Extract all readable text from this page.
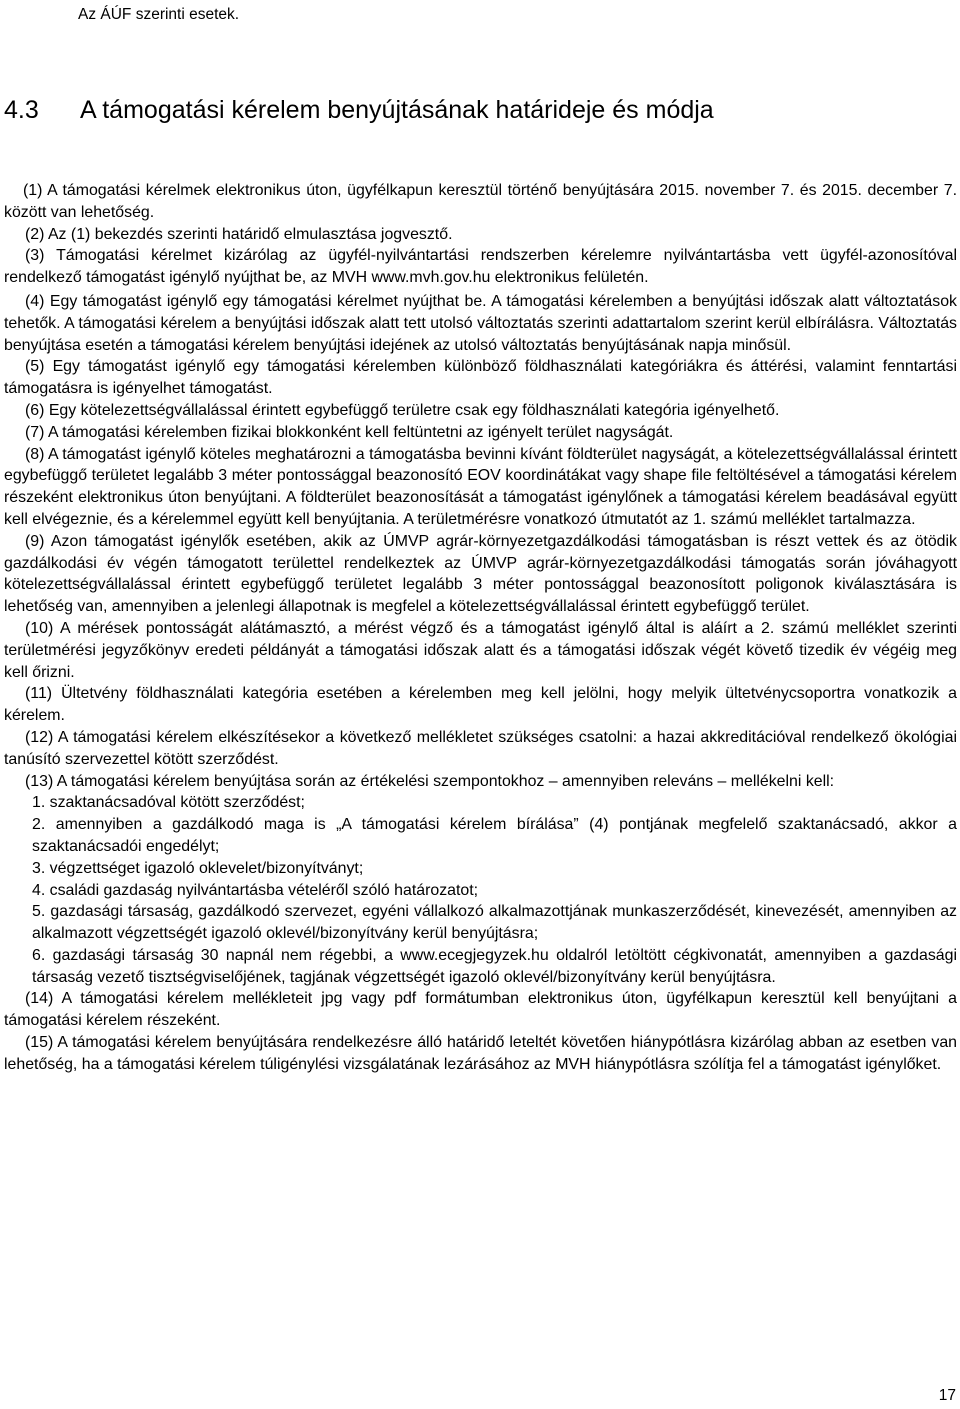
Az ÁÚF szerinti esetek.
4.3 A támogatási kérelem benyújtásának határideje és módja

(1) A támogatási kérelmek elektronikus úton, ügyfélkapun keresztül történő benyújtására 2015. november 7. és 2015. december 7. között van lehetőség.

(2) Az (1) bekezdés szerinti határidő elmulasztása jogvesztő.

(3) Támogatási kérelmet kizárólag az ügyfél-nyilvántartási rendszerben kérelemre nyilvántartásba vett ügyfél-azonosítóval rendelkező támogatást igénylő nyújthat be, az MVH www.mvh.gov.hu elektronikus felületén.

(4) Egy támogatást igénylő egy támogatási kérelmet nyújthat be. A támogatási kérelemben a benyújtási időszak alatt változtatások tehetők. A támogatási kérelem a benyújtási időszak alatt tett utolsó változtatás szerinti adattartalom szerint kerül elbírálásra. Változtatás benyújtása esetén a támogatási kérelem benyújtási idejének az utolsó változtatás benyújtásának napja minősül.

(5) Egy támogatást igénylő egy támogatási kérelemben különböző földhasználati kategóriákra és áttérési, valamint fenntartási támogatásra is igényelhet támogatást.

(6) Egy kötelezettségvállalással érintett egybefüggő területre csak egy földhasználati kategória igényelhető.

(7) A támogatási kérelemben fizikai blokkonként kell feltüntetni az igényelt terület nagyságát.

(8) A támogatást igénylő köteles meghatározni a támogatásba bevinni kívánt földterület nagyságát, a kötelezettségvállalással érintett egybefüggő területet legalább 3 méter pontossággal beazonosító EOV koordinátákat vagy shape file feltöltésével a támogatási kérelem részeként elektronikus úton benyújtani. A földterület beazonosítását a támogatást igénylőnek a támogatási kérelem beadásával együtt kell elvégeznie, és a kérelemmel együtt kell benyújtania. A területmérésre vonatkozó útmutatót az 1. számú melléklet tartalmazza.

(9) Azon támogatást igénylők esetében, akik az ÚMVP agrár-környezetgazdálkodási támogatásban is részt vettek és az ötödik gazdálkodási év végén támogatott területtel rendelkeztek az ÚMVP agrár-környezetgazdálkodási támogatás során jóváhagyott kötelezettségvállalással érintett egybefüggő területet legalább 3 méter pontossággal beazonosított poligonok kiválasztására is lehetőség van, amennyiben a jelenlegi állapotnak is megfelel a kötelezettségvállalással érintett egybefüggő terület.

(10) A mérések pontosságát alátámasztó, a mérést végző és a támogatást igénylő által is aláírt a 2. számú melléklet szerinti területmérési jegyzőkönyv eredeti példányát a támogatási időszak alatt és a támogatási időszak végét követő tizedik év végéig meg kell őrizni.

(11) Ültetvény földhasználati kategória esetében a kérelemben meg kell jelölni, hogy melyik ültetvénycsoportra vonatkozik a kérelem.

(12) A támogatási kérelem elkészítésekor a következő mellékletet szükséges csatolni: a hazai akkreditációval rendelkező ökológiai tanúsító szervezettel kötött szerződést.

(13) A támogatási kérelem benyújtása során az értékelési szempontokhoz – amennyiben releváns – mellékelni kell:

1. szaktanácsadóval kötött szerződést;
2. amennyiben a gazdálkodó maga is „A támogatási kérelem bírálása” (4) pontjának megfelelő szaktanácsadó, akkor a szaktanácsadói engedélyt;
3. végzettséget igazoló oklevelet/bizonyítványt;
4. családi gazdaság nyilvántartásba vételéről szóló határozatot;
5. gazdasági társaság, gazdálkodó szervezet, egyéni vállalkozó alkalmazottjának munkaszerződését, kinevezését, amennyiben az alkalmazott végzettségét igazoló oklevél/bizonyítvány kerül benyújtásra;
6. gazdasági társaság 30 napnál nem régebbi, a www.ecegjegyzek.hu oldalról letöltött cégkivonatát, amennyiben a gazdasági társaság vezető tisztségviselőjének, tagjának végzettségét igazoló oklevél/bizonyítvány kerül benyújtásra.

(14) A támogatási kérelem mellékleteit jpg vagy pdf formátumban elektronikus úton, ügyfélkapun keresztül kell benyújtani a támogatási kérelem részeként.

(15) A támogatási kérelem benyújtására rendelkezésre álló határidő leteltét követően hiánypótlásra kizárólag abban az esetben van lehetőség, ha a támogatási kérelem túligénylési vizsgálatának lezárásához az MVH hiánypótlásra szólítja fel a támogatást igénylőket.

17
